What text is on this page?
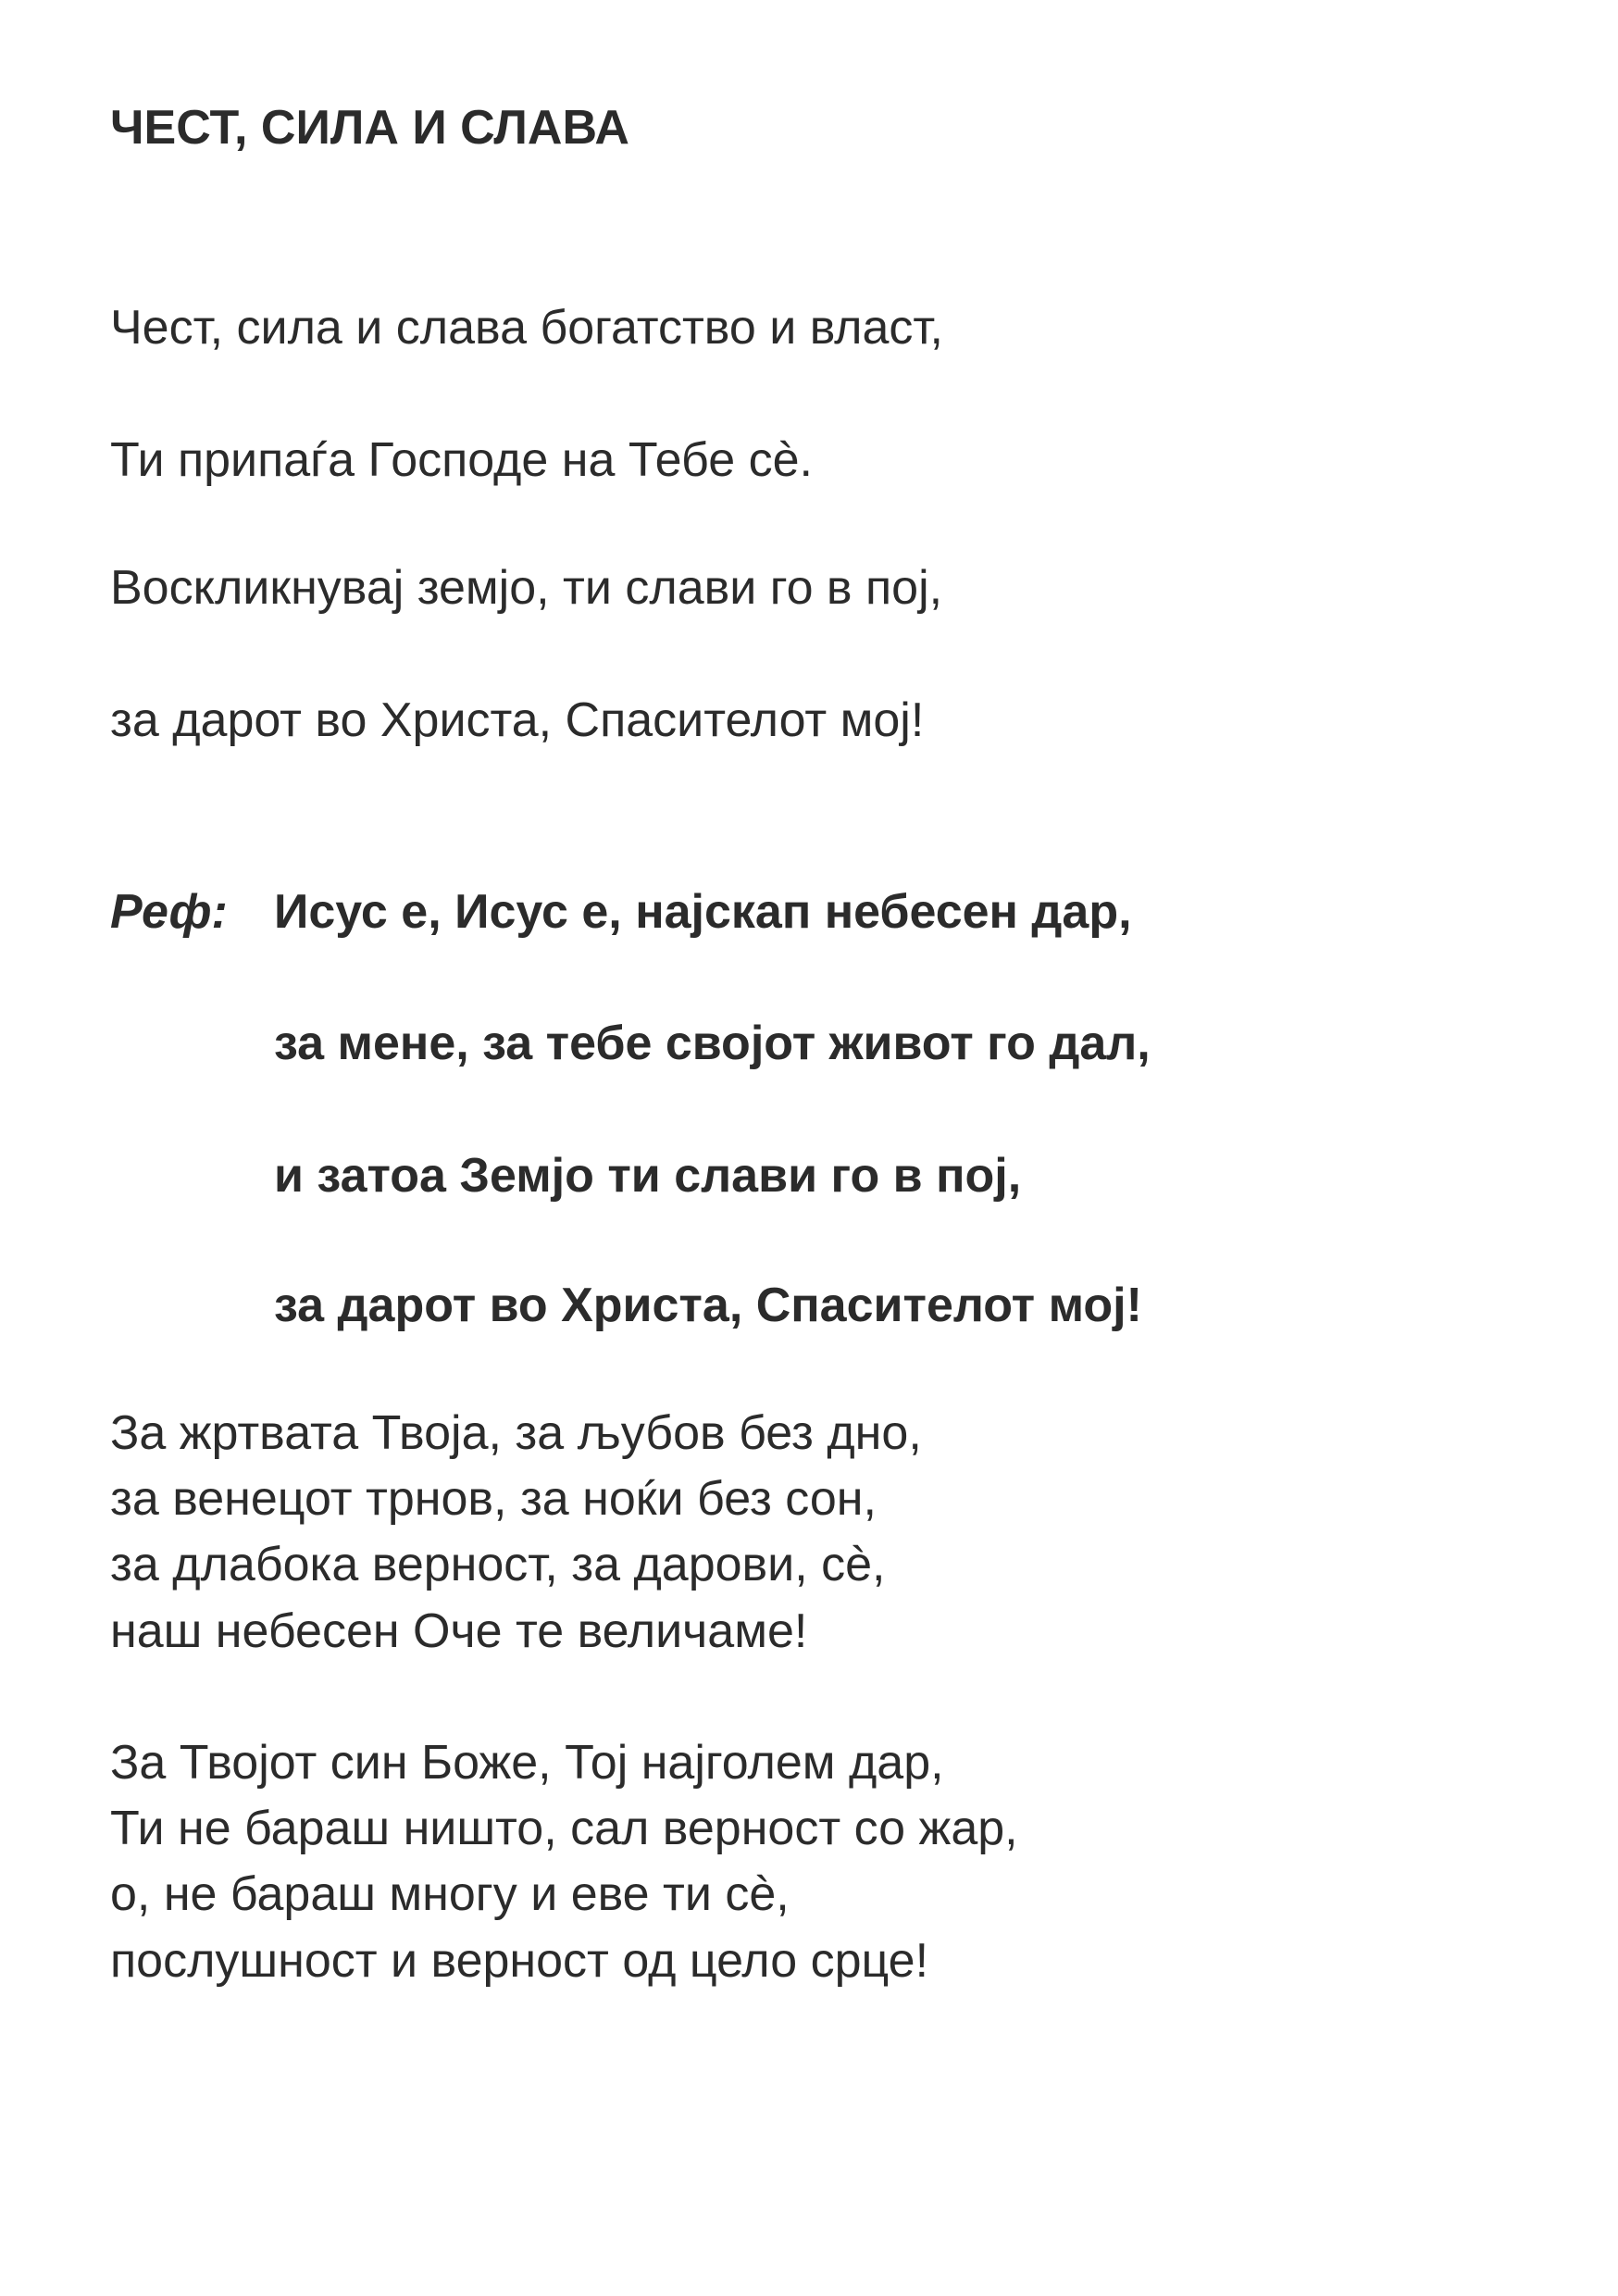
ЧЕСТ, СИЛА И СЛАВА
Чест, сила и слава богатство и власт,
Ти припаѓа Господе на Тебе сè.
Воскликнувај земјо, ти слави го в пој,
за дарот во Христа, Спасителот мој!
Реф: Исус е, Исус е, најскап небесен дар,
за мене, за тебе својот живот го дал,
и затоа Земјо ти слави го в пој,
за дарот во Христа, Спасителот мој!
За жртвата Твоја, за љубов без дно,
за венецот трнов, за ноќи без сон,
за длабока верност, за дарови, сè,
наш небесен Оче те величаме!
За Твојот син Боже, Тој најголем дар,
Ти не бараш ништо, сал верност со жар,
о, не бараш многу и еве ти сè,
послушност и верност од цело срце!
